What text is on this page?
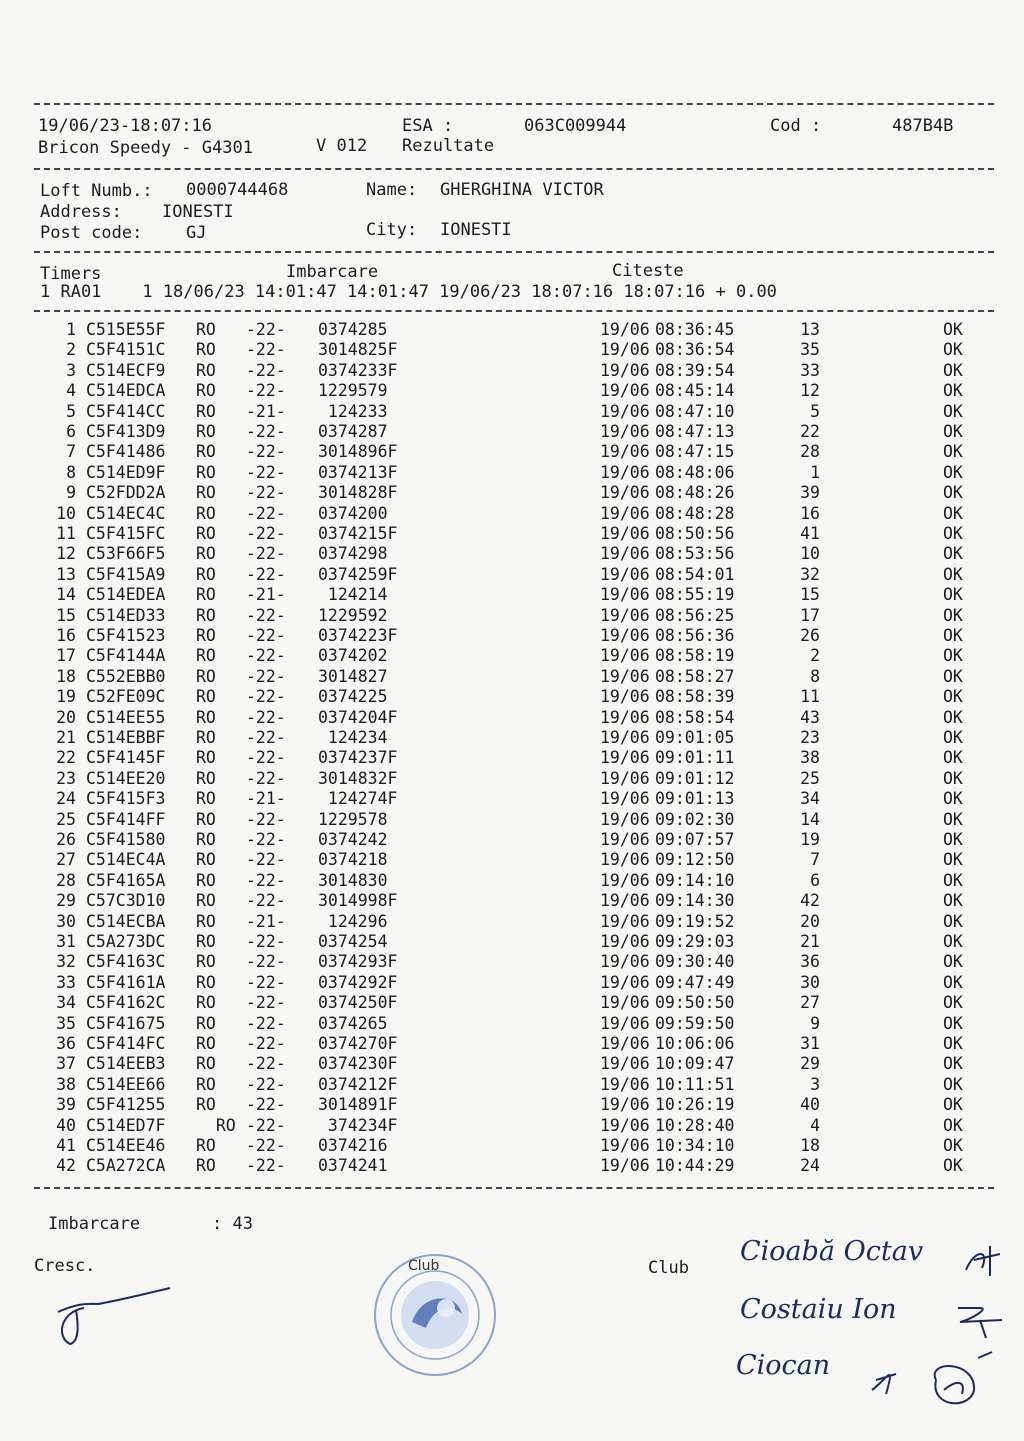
19/06/23-18:07:16	ESA :	063C009944	Cod :	487B4B
Bricon Speedy - G4301	V 012 Rezultate
Loft Numb.: 0000744468	Name: GHERGHINA VICTOR
Address: IONESTI
Post code:	GJ	City: IONESTI
Timers	Imbarcare	Citeste
1 RA01    1 18/06/23 14:01:47 14:01:47 19/06/23 18:07:16 18:07:16 + 0.00
1 C515E55F RO -22- 0374285	19/06 08:36:45	13	OK
2 C5F4151C RO -22- 3014825F	19/06 08:36:54	35	OK
3 C514ECF9 RO -22- 0374233F	19/06 08:39:54	33	OK
4 C514EDCA RO -22- 1229579	19/06 08:45:14	12	OK
5 C5F414CC RO -21- 124233	19/06 08:47:10	5	OK
6 C5F413D9 RO -22- 0374287	19/06 08:47:13	22	OK
7 C5F41486 RO -22- 3014896F	19/06 08:47:15	28	OK
8 C514ED9F RO -22- 0374213F	19/06 08:48:06	1	OK
9 C52FDD2A RO -22- 3014828F	19/06 08:48:26	39	OK
10 C514EC4C RO -22- 0374200	19/06 08:48:28	16	OK
11 C5F415FC RO -22- 0374215F	19/06 08:50:56	41	OK
12 C53F66F5 RO -22- 0374298	19/06 08:53:56	10	OK
13 C5F415A9 RO -22- 0374259F	19/06 08:54:01	32	OK
14 C514EDEA RO -21- 124214	19/06 08:55:19	15	OK
15 C514ED33 RO -22- 1229592	19/06 08:56:25	17	OK
16 C5F41523 RO -22- 0374223F	19/06 08:56:36	26	OK
17 C5F4144A RO -22- 0374202	19/06 08:58:19	2	OK
18 C552EBB0 RO -22- 3014827	19/06 08:58:27	8	OK
19 C52FE09C RO -22- 0374225	19/06 08:58:39	11	OK
20 C514EE55 RO -22- 0374204F	19/06 08:58:54	43	OK
21 C514EBBF RO -22- 124234	19/06 09:01:05	23	OK
22 C5F4145F RO -22- 0374237F	19/06 09:01:11	38	OK
23 C514EE20 RO -22- 3014832F	19/06 09:01:12	25	OK
24 C5F415F3 RO -21- 124274F	19/06 09:01:13	34	OK
25 C5F414FF RO -22- 1229578	19/06 09:02:30	14	OK
26 C5F41580 RO -22- 0374242	19/06 09:07:57	19	OK
27 C514EC4A RO -22- 0374218	19/06 09:12:50	7	OK
28 C5F4165A RO -22- 3014830	19/06 09:14:10	6	OK
29 C57C3D10 RO -22- 3014998F	19/06 09:14:30	42	OK
30 C514ECBA RO -21- 124296	19/06 09:19:52	20	OK
31 C5A273DC RO -22- 0374254	19/06 09:29:03	21	OK
32 C5F4163C RO -22- 0374293F	19/06 09:30:40	36	OK
33 C5F4161A RO -22- 0374292F	19/06 09:47:49	30	OK
34 C5F4162C RO -22- 0374250F	19/06 09:50:50	27	OK
35 C5F41675 RO -22- 0374265	19/06 09:59:50	9	OK
36 C5F414FC RO -22- 0374270F	19/06 10:06:06	31	OK
37 C514EEB3 RO -22- 0374230F	19/06 10:09:47	29	OK
38 C514EE66 RO -22- 0374212F	19/06 10:11:51	3	OK
39 C5F41255 RO -22- 3014891F	19/06 10:26:19	40	OK
40 C514ED7F RO -22- 374234F	19/06 10:28:40	4	OK
41 C514EE46 RO -22- 0374216	19/06 10:34:10	18	OK
42 C5A272CA RO -22- 0374241	19/06 10:44:29	24	OK
Imbarcare	: 43
Cresc.	Club
Club	Cioabă Octav
Costaiu Ion
Ciocan
